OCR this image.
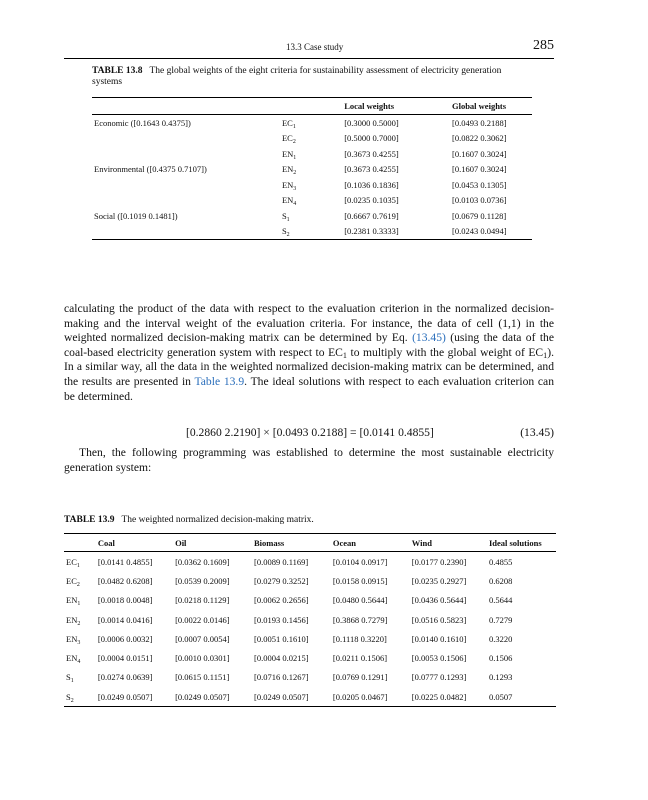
13.3 Case study	285
TABLE 13.8 The global weights of the eight criteria for sustainability assessment of electricity generation systems
		Local weights	Global weights
Economic ([0.1643 0.4375])	$EC_1$	[0.3000 0.5000]	[0.0493 0.2188]
	$EC_2$	[0.5000 0.7000]	[0.0822 0.3062]
	$EN_1$	[0.3673 0.4255]	[0.1607 0.3024]
Environmental ([0.4375 0.7107])	$EN_2$	[0.3673 0.4255]	[0.1607 0.3024]
	$EN_3$	[0.1036 0.1836]	[0.0453 0.1305]
	$EN_4$	[0.0235 0.1035]	[0.0103 0.0736]
Social ([0.1019 0.1481])	$S_1$	[0.6667 0.7619]	[0.0679 0.1128]
	$S_2$	[0.2381 0.3333]	[0.0243 0.0494]

calculating the product of the data with respect to the evaluation criterion in the normalized decision-making and the interval weight of the evaluation criteria. For instance, the data of cell (1,1) in the weighted normalized decision-making matrix can be determined by Eq. (13.45) (using the data of the coal-based electricity generation system with respect to $EC_1$ to multiply with the global weight of $EC_1$). In a similar way, all the data in the weighted normalized decision-making matrix can be determined, and the results are presented in Table 13.9. The ideal solutions with respect to each evaluation criterion can be determined.

[0.2860 2.2190] × [0.0493 0.2188] = [0.0141 0.4855]	(13.45)
Then, the following programming was established to determine the most sustainable electricity generation system:
TABLE 13.9 The weighted normalized decision-making matrix.
	Coal	Oil	Biomass	Ocean	Wind	Ideal solutions
$EC_1$	[0.0141 0.4855]	[0.0362 0.1609]	[0.0089 0.1169]	[0.0104 0.0917]	[0.0177 0.2390]	0.4855
$EC_2$	[0.0482 0.6208]	[0.0539 0.2009]	[0.0279 0.3252]	[0.0158 0.0915]	[0.0235 0.2927]	0.6208
$EN_1$	[0.0018 0.0048]	[0.0218 0.1129]	[0.0062 0.2656]	[0.0480 0.5644]	[0.0436 0.5644]	0.5644
$EN_2$	[0.0014 0.0416]	[0.0022 0.0146]	[0.0193 0.1456]	[0.3868 0.7279]	[0.0516 0.5823]	0.7279
$EN_3$	[0.0006 0.0032]	[0.0007 0.0054]	[0.0051 0.1610]	[0.1118 0.3220]	[0.0140 0.1610]	0.3220
$EN_4$	[0.0004 0.0151]	[0.0010 0.0301]	[0.0004 0.0215]	[0.0211 0.1506]	[0.0053 0.1506]	0.1506
$S_1$	[0.0274 0.0639]	[0.0615 0.1151]	[0.0716 0.1267]	[0.0769 0.1291]	[0.0777 0.1293]	0.1293
$S_2$	[0.0249 0.0507]	[0.0249 0.0507]	[0.0249 0.0507]	[0.0205 0.0467]	[0.0225 0.0482]	0.0507
